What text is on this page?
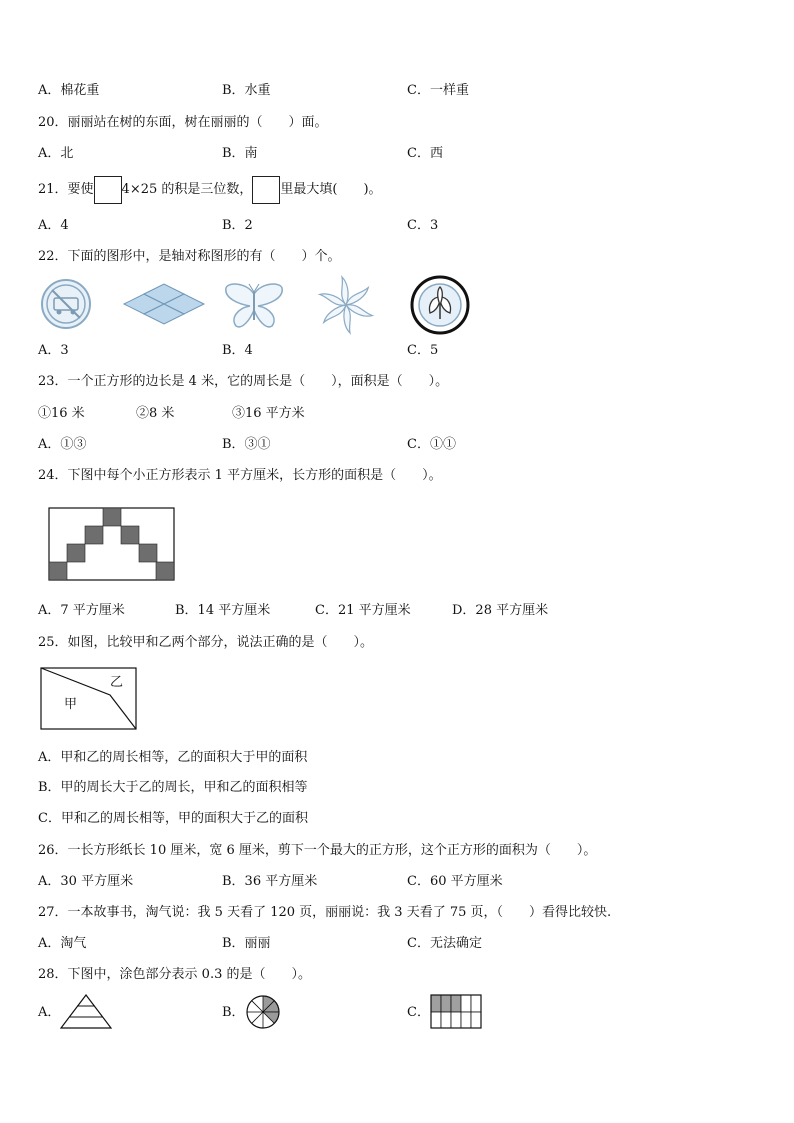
A．棉花重	B．水重	C．一样重
20．丽丽站在树的东面，树在丽丽的（　　）面。
A．北	B．南	C．西
21．要使 4×25 的积是三位数， 里最大填(　　)。
A．4	B．2	C．3
22．下面的图形中，是轴对称图形的有（　　）个。
A．3	B．4	C．5
23．一个正方形的边长是 4 米，它的周长是（　　），面积是（　　）。
①16 米	②8 米	③16 平方米
A．①③	B．③①	C．①①
24．下图中每个小正方形表示 1 平方厘米，长方形的面积是（　　）。
A．7 平方厘米	B．14 平方厘米	C．21 平方厘米	D．28 平方厘米
25．如图，比较甲和乙两个部分，说法正确的是（　　）。
乙
甲
A．甲和乙的周长相等，乙的面积大于甲的面积
B．甲的周长大于乙的周长，甲和乙的面积相等
C．甲和乙的周长相等，甲的面积大于乙的面积
26．一长方形纸长 10 厘米，宽 6 厘米，剪下一个最大的正方形，这个正方形的面积为（　　）。
A．30 平方厘米	B．36 平方厘米	C．60 平方厘米
27．一本故事书，淘气说：我 5 天看了 120 页，丽丽说：我 3 天看了 75 页，（　　）看得比较快.
A．淘气	B．丽丽	C．无法确定
28．下图中，涂色部分表示 0.3 的是（　　）。
A．	B．	C．
